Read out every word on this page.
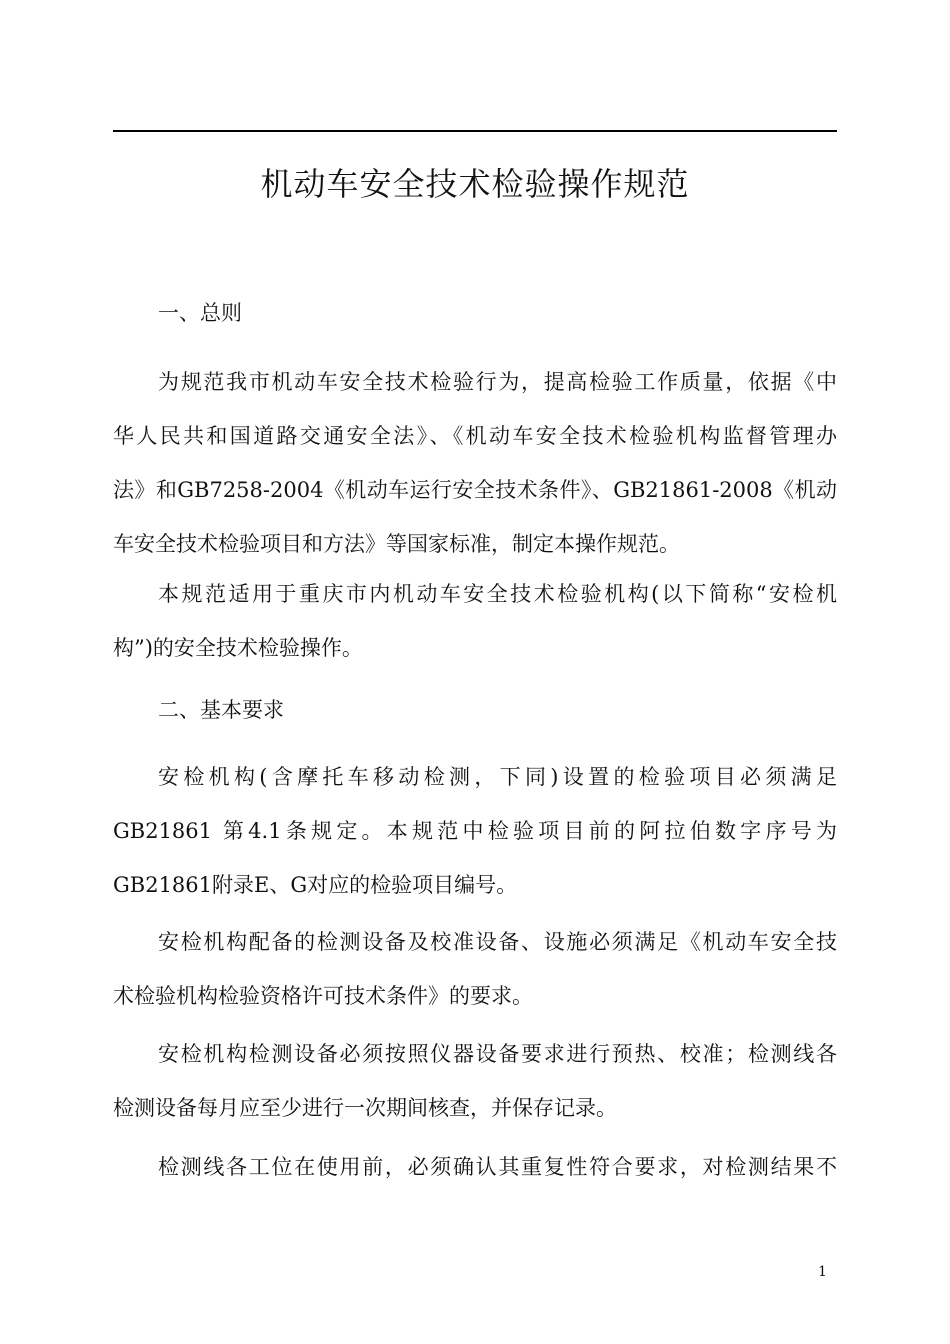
机动车安全技术检验操作规范
一、总则
为规范我市机动车安全技术检验行为，提高检验工作质量，依据《中
华人民共和国道路交通安全法》、《机动车安全技术检验机构监督管理办
法》和GB7258-2004《机动车运行安全技术条件》、GB21861-2008《机动
车安全技术检验项目和方法》等国家标准，制定本操作规范。
本规范适用于重庆市内机动车安全技术检验机构(以下简称“安检机
构”)的安全技术检验操作。
二、基本要求
安检机构(含摩托车移动检测，下同)设置的检验项目必须满足
GB21861 第4.1条规定。本规范中检验项目前的阿拉伯数字序号为
GB21861附录E、G对应的检验项目编号。
安检机构配备的检测设备及校准设备、设施必须满足《机动车安全技
术检验机构检验资格许可技术条件》的要求。
安检机构检测设备必须按照仪器设备要求进行预热、校准；检测线各
检测设备每月应至少进行一次期间核查，并保存记录。
检测线各工位在使用前，必须确认其重复性符合要求，对检测结果不
1
